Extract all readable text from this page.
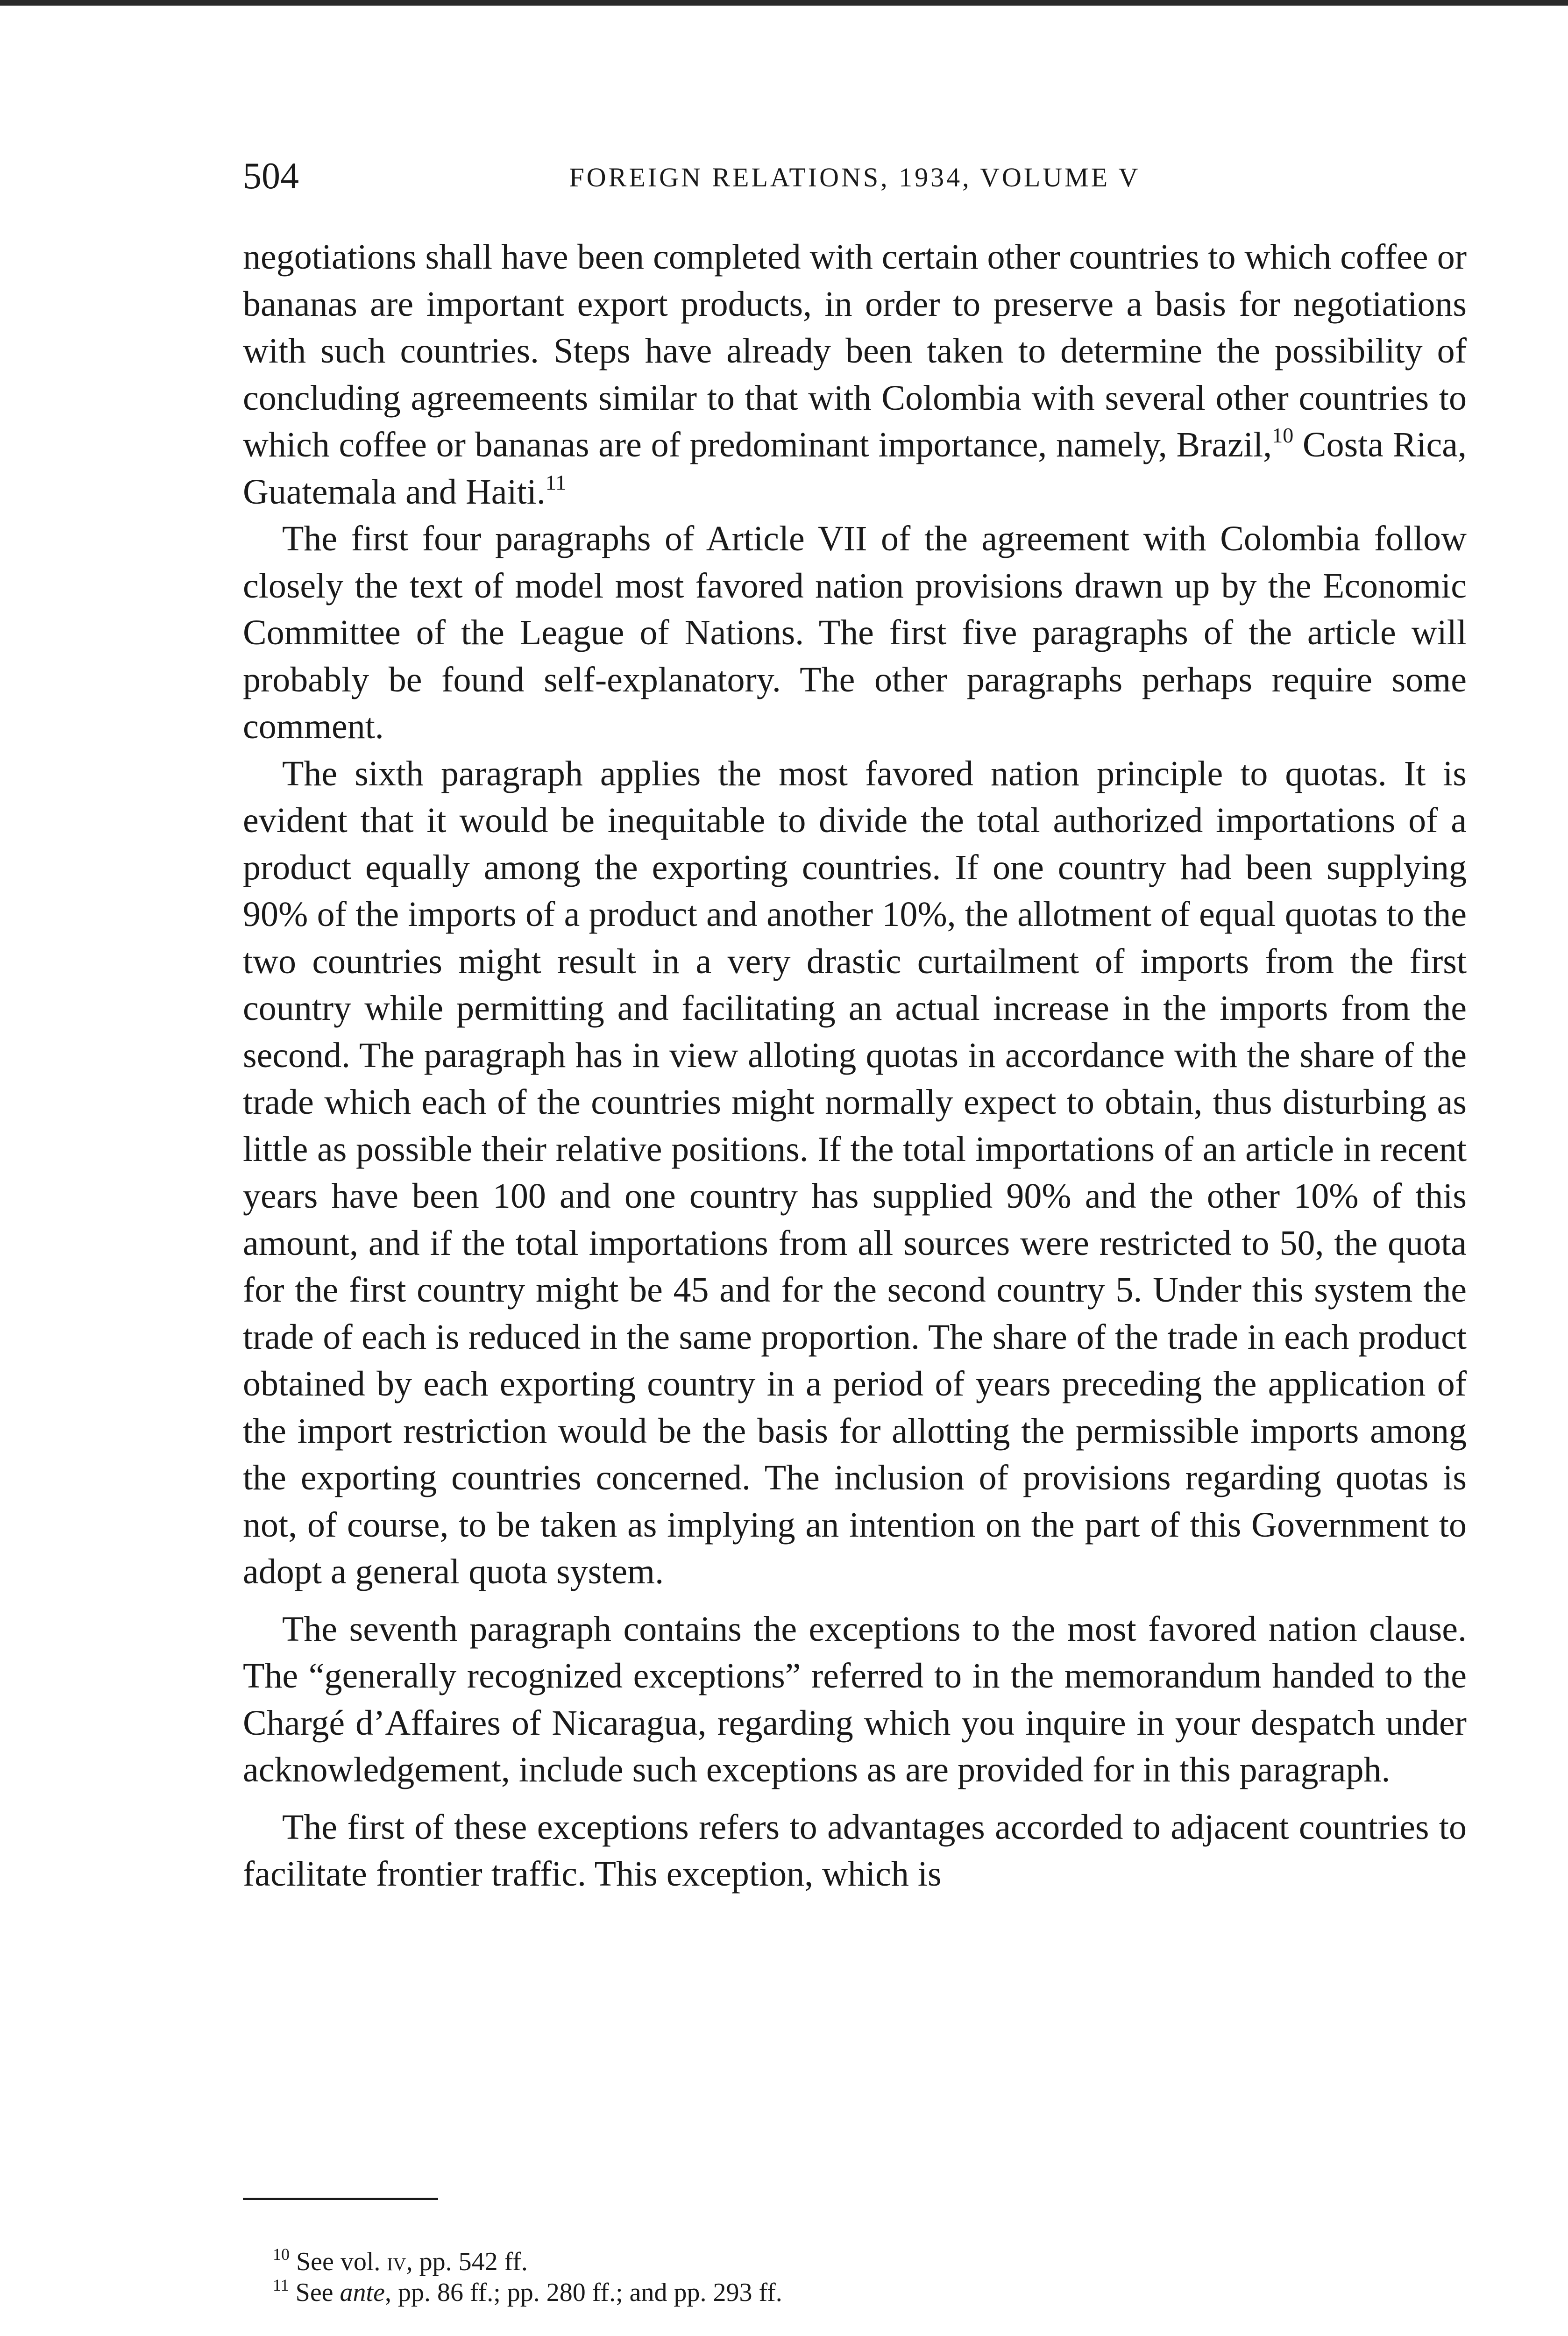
504	FOREIGN RELATIONS, 1934, VOLUME V

negotiations shall have been completed with certain other countries to which coffee or bananas are important export products, in order to preserve a basis for negotiations with such countries. Steps have already been taken to determine the possibility of concluding agreemeents similar to that with Colombia with several other countries to which coffee or bananas are of predominant importance, namely, Brazil,$^{10}$ Costa Rica, Guatemala and Haiti.$^{11}$

The first four paragraphs of Article VII of the agreement with Colombia follow closely the text of model most favored nation provisions drawn up by the Economic Committee of the League of Nations. The first five paragraphs of the article will probably be found self-explanatory. The other paragraphs perhaps require some comment.

The sixth paragraph applies the most favored nation principle to quotas. It is evident that it would be inequitable to divide the total authorized importations of a product equally among the exporting countries. If one country had been supplying 90% of the imports of a product and another 10%, the allotment of equal quotas to the two countries might result in a very drastic curtailment of imports from the first country while permitting and facilitating an actual increase in the imports from the second. The paragraph has in view alloting quotas in accordance with the share of the trade which each of the countries might normally expect to obtain, thus disturbing as little as possible their relative positions. If the total importations of an article in recent years have been 100 and one country has supplied 90% and the other 10% of this amount, and if the total importations from all sources were restricted to 50, the quota for the first country might be 45 and for the second country 5. Under this system the trade of each is reduced in the same proportion. The share of the trade in each product obtained by each exporting country in a period of years preceding the application of the import restriction would be the basis for allotting the permissible imports among the exporting countries concerned. The inclusion of provisions regarding quotas is not, of course, to be taken as implying an intention on the part of this Government to adopt a general quota system.

The seventh paragraph contains the exceptions to the most favored nation clause. The “generally recognized exceptions” referred to in the memorandum handed to the Chargé d’Affaires of Nicaragua, regarding which you inquire in your despatch under acknowledgement, include such exceptions as are provided for in this paragraph.

The first of these exceptions refers to advantages accorded to adjacent countries to facilitate frontier traffic. This exception, which is

$^{10}$ See vol. iv, pp. 542 ff.

$^{11}$ See ante, pp. 86 ff.; pp. 280 ff.; and pp. 293 ff.
